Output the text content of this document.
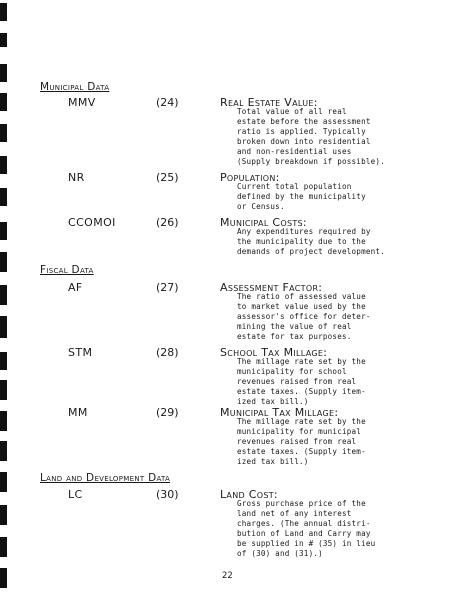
Municipal Data
MMV	(24)	Real Estate Value:
Total value of all real
estate before the assessment
ratio is applied. Typically
broken down into residential
and non-residential uses
(Supply breakdown if possible).
NR	(25)	Population:
Current total population
defined by the municipality
or Census.
CCOMOI	(26)	Municipal Costs:
Any expenditures required by
the municipality due to the
demands of project development.
Fiscal Data
AF	(27)	Assessment Factor:
The ratio of assessed value
to market value used by the
assessor's office for deter-
mining the value of real
estate for tax purposes.
STM	(28)	School Tax Millage:
The millage rate set by the
municipality for school
revenues raised from real
estate taxes. (Supply item-
ized tax bill.)
MM	(29)	Municipal Tax Millage:
The millage rate set by the
municipality for municipal
revenues raised from real
estate taxes. (Supply item-
ized tax bill.)
Land and Development Data
LC	(30)	Land Cost:
Gross purchase price of the
land net of any interest
charges. (The annual distri-
bution of Land and Carry may
be supplied in # (35) in lieu
of (30) and (31).)
22
